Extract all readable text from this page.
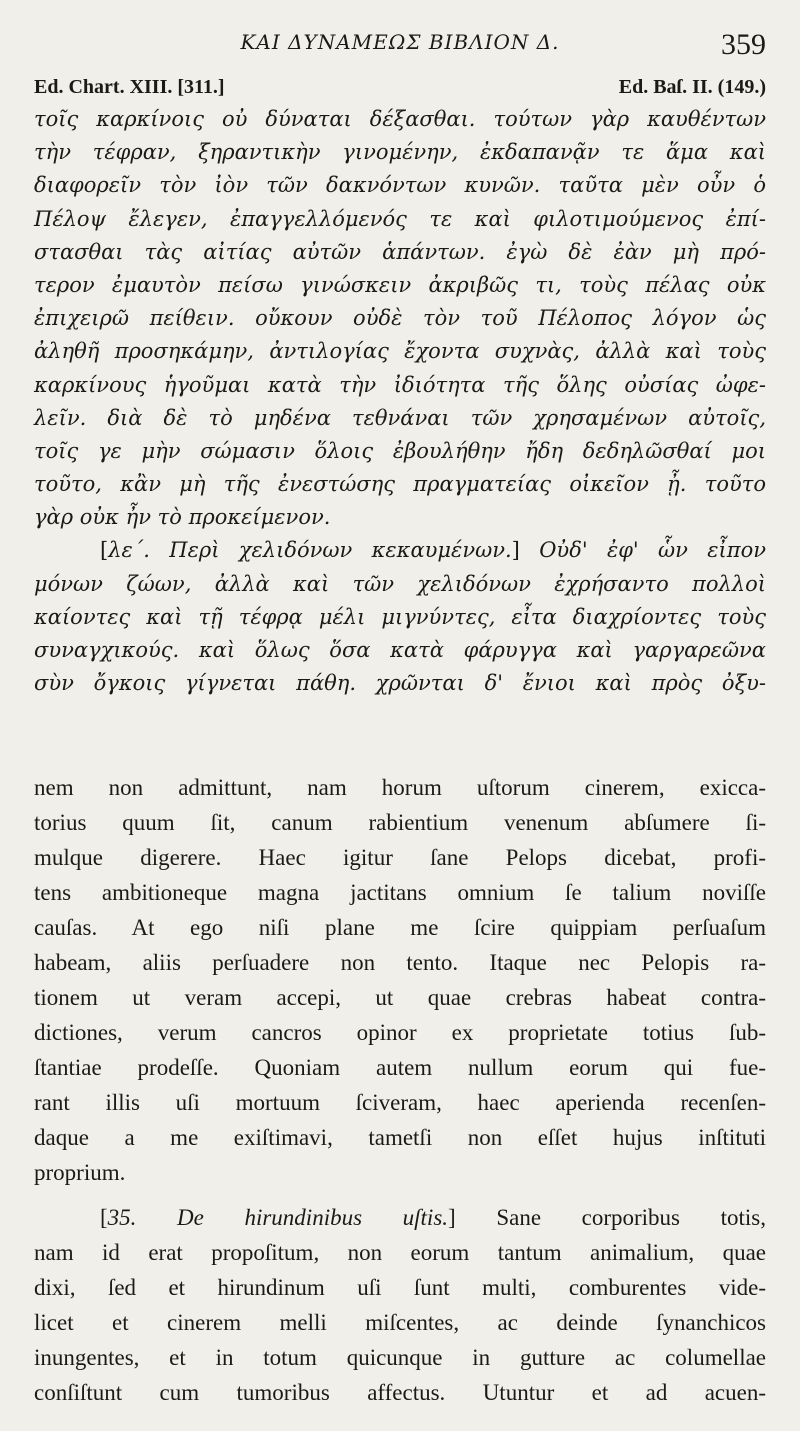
ΚΑΙ ΔΥΝΑΜΕΩΣ ΒΙΒΛΙΟΝ Δ.	359
Ed. Chart. XIII. [311.]	Ed. Baſ. II. (149.)
τοῖς καρκίνοις οὐ δύναται δέξασθαι. τούτων γὰρ καυθέντων
τὴν τέφραν, ξηραντικὴν γινομένην, ἐκδαπανᾷν τε ἅμα καὶ
διαφορεῖν τὸν ἰὸν τῶν δακνόντων κυνῶν. ταῦτα μὲν οὖν ὁ
Πέλοψ ἔλεγεν, ἐπαγγελλόμενός τε καὶ φιλοτιμούμενος ἐπί-
στασθαι τὰς αἰτίας αὐτῶν ἁπάντων. ἐγὼ δὲ ἐὰν μὴ πρό-
τερον ἐμαυτὸν πείσω γινώσκειν ἀκριβῶς τι, τοὺς πέλας οὐκ
ἐπιχειρῶ πείθειν. οὔκουν οὐδὲ τὸν τοῦ Πέλοπος λόγον ὡς
ἀληθῆ προσηκάμην, ἀντιλογίας ἔχοντα συχνὰς, ἀλλὰ καὶ τοὺς
καρκίνους ἡγοῦμαι κατὰ τὴν ἰδιότητα τῆς ὅλης οὐσίας ὠφε-
λεῖν. διὰ δὲ τὸ μηδένα τεθνάναι τῶν χρησαμένων αὐτοῖς,
τοῖς γε μὴν σώμασιν ὅλοις ἐβουλήθην ἤδη δεδηλῶσθαί μοι
τοῦτο, κἂν μὴ τῆς ἐνεστώσης πραγματείας οἰκεῖον ᾖ. τοῦτο
γὰρ οὐκ ἦν τὸ προκείμενον.
[λε΄. Περὶ χελιδόνων κεκαυμένων.] Οὐδ' ἐφ' ὧν εἶπον
μόνων ζώων, ἀλλὰ καὶ τῶν χελιδόνων ἐχρήσαντο πολλοὶ
καίοντες καὶ τῇ τέφρᾳ μέλι μιγνύντες, εἶτα διαχρίοντες τοὺς
συναγχικούς. καὶ ὅλως ὅσα κατὰ φάρυγγα καὶ γαργαρεῶνα
σὺν ὄγκοις γίγνεται πάθη. χρῶνται δ' ἔνιοι καὶ πρὸς ὀξυ-
nem non admittunt, nam horum uſtorum cinerem, exicca-
torius quum ſit, canum rabientium venenum abſumere ſi-
mulque digerere. Haec igitur ſane Pelops dicebat, profi-
tens ambitioneque magna jactitans omnium ſe talium noviſſe
cauſas. At ego niſi plane me ſcire quippiam perſuaſum
habeam, aliis perſuadere non tento. Itaque nec Pelopis ra-
tionem ut veram accepi, ut quae crebras habeat contra-
dictiones, verum cancros opinor ex proprietate totius ſub-
ſtantiae prodeſſe. Quoniam autem nullum eorum qui fue-
rant illis uſi mortuum ſciveram, haec aperienda recenſen-
daque a me exiſtimavi, tametſi non eſſet hujus inſtituti
proprium.
[35. De hirundinibus uſtis.] Sane corporibus totis,
nam id erat propoſitum, non eorum tantum animalium, quae
dixi, ſed et hirundinum uſi ſunt multi, comburentes vide-
licet et cinerem melli miſcentes, ac deinde ſynanchicos
inungentes, et in totum quicunque in gutture ac columellae
conſiſtunt cum tumoribus affectus. Utuntur et ad acuen-
